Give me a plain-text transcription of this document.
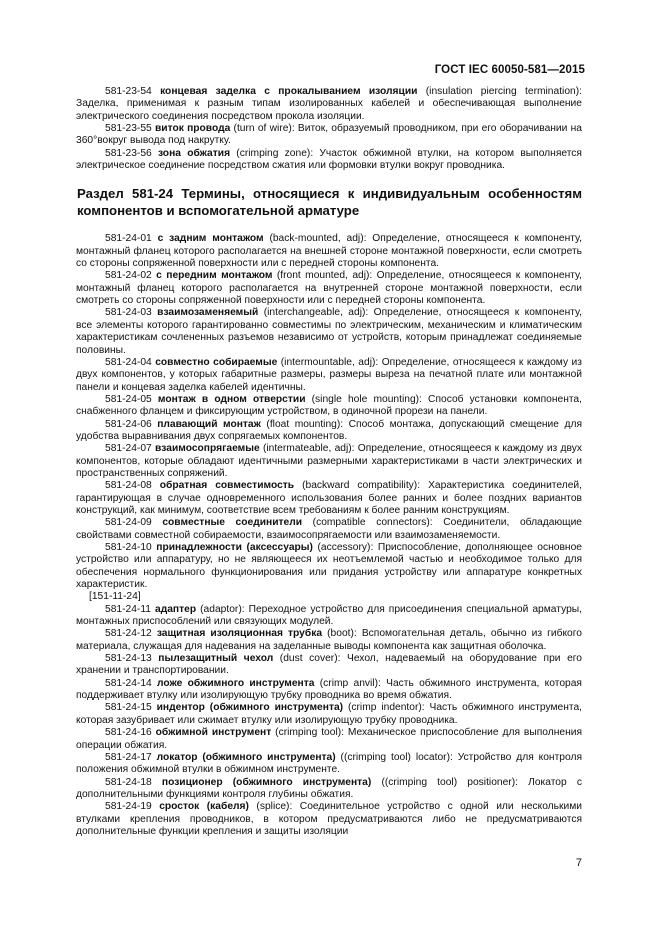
ГОСТ IEC 60050-581—2015

581-23-54 концевая заделка с прокалыванием изоляции (insulation piercing termination): Заделка, применимая к разным типам изолированных кабелей и обеспечивающая выполнение электрического соединения посредством прокола изоляции.

581-23-55 виток провода (turn of wire): Виток, образуемый проводником, при его оборачивании на 360°вокруг вывода под накрутку.

581-23-56 зона обжатия (crimping zone): Участок обжимной втулки, на котором выполняется электрическое соединение посредством сжатия или формовки втулки вокруг проводника.

Раздел 581-24 Термины, относящиеся к индивидуальным особенностям компонентов и вспомогательной арматуре

581-24-01 с задним монтажом (back-mounted, adj): Определение, относящееся к компоненту, монтажный фланец которого располагается на внешней стороне монтажной поверхности, если смотреть со стороны сопряженной поверхности или с передней стороны компонента.

581-24-02 с передним монтажом (front mounted, adj): Определение, относящееся к компоненту, монтажный фланец которого располагается на внутренней стороне монтажной поверхности, если смотреть со стороны сопряженной поверхности или с передней стороны компонента.

581-24-03 взаимозаменяемый (interchangeable, adj): Определение, относящееся к компоненту, все элементы которого гарантированно совместимы по электрическим, механическим и климатическим характеристикам сочлененных разъемов независимо от устройств, которым принадлежат соединяемые половины.

581-24-04 совместно собираемые (intermountable, adj): Определение, относящееся к каждому из двух компонентов, у которых габаритные размеры, размеры выреза на печатной плате или монтажной панели и концевая заделка кабелей идентичны.

581-24-05 монтаж в одном отверстии (single hole mounting): Способ установки компонента, снабженного фланцем и фиксирующим устройством, в одиночной прорези на панели.

581-24-06 плавающий монтаж (float mounting): Способ монтажа, допускающий смещение для удобства выравнивания двух сопрягаемых компонентов.

581-24-07 взаимосопрягаемые (intermateable, adj): Определение, относящееся к каждому из двух компонентов, которые обладают идентичными размерными характеристиками в части электрических и пространственных сопряжений.

581-24-08 обратная совместимость (backward compatibility): Характеристика соединителей, гарантирующая в случае одновременного использования более ранних и более поздних вариантов конструкций, как минимум, соответствие всем требованиям к более ранним конструкциям.

581-24-09 совместные соединители (compatible connectors): Соединители, обладающие свойствами совместной собираемости, взаимосопрягаемости или взаимозаменяемости.

581-24-10 принадлежности (аксессуары) (accessory): Приспособление, дополняющее основное устройство или аппаратуру, но не являющееся их неотъемлемой частью и необходимое только для обеспечения нормального функционирования или придания устройству или аппаратуре конкретных характеристик.

[151-11-24]

581-24-11 адаптер (adaptor): Переходное устройство для присоединения специальной арматуры, монтажных приспособлений или связующих модулей.

581-24-12 защитная изоляционная трубка (boot): Вспомогательная деталь, обычно из гибкого материала, служащая для надевания на заделанные выводы компонента как защитная оболочка.

581-24-13 пылезащитный чехол (dust cover): Чехол, надеваемый на оборудование при его хранении и транспортировании.

581-24-14 ложе обжимного инструмента (crimp anvil): Часть обжимного инструмента, которая поддерживает втулку или изолирующую трубку проводника во время обжатия.

581-24-15 индентор (обжимного инструмента) (crimp indentor): Часть обжимного инструмента, которая зазубривает или сжимает втулку или изолирующую трубку проводника.

581-24-16 обжимной инструмент (crimping tool): Механическое приспособление для выполнения операции обжатия.

581-24-17 локатор (обжимного инструмента) ((crimping tool) locator): Устройство для контроля положения обжимной втулки в обжимном инструменте.

581-24-18 позиционер (обжимного инструмента) ((crimping tool) positioner): Локатор с дополнительными функциями контроля глубины обжатия.

581-24-19 сросток (кабеля) (splice): Соединительное устройство с одной или несколькими втулками крепления проводников, в котором предусматриваются либо не предусматриваются дополнительные функции крепления и защиты изоляции

7
